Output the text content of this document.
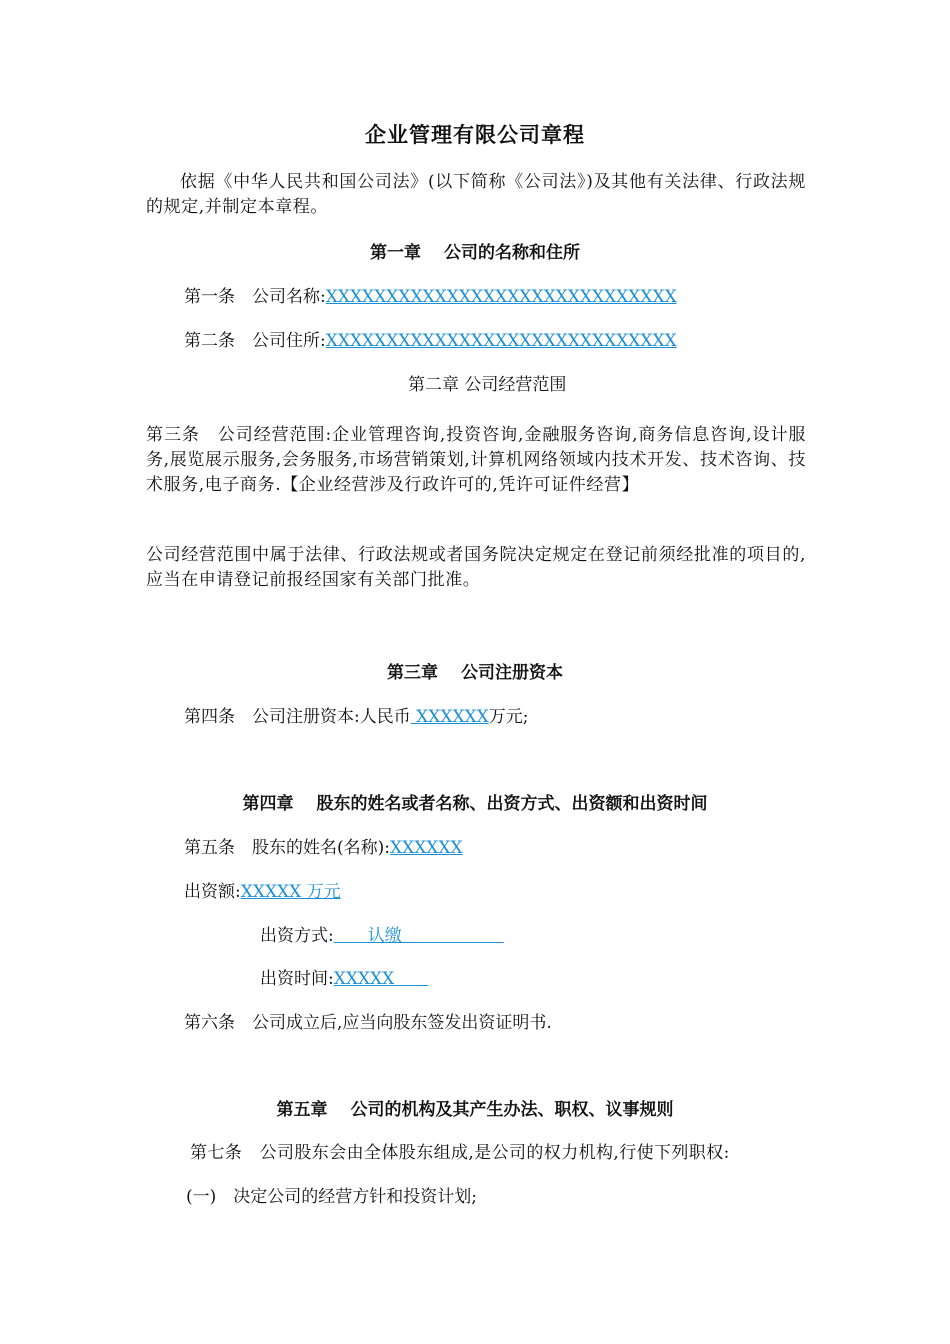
企业管理有限公司章程
依据《中华人民共和国公司法》(以下简称《公司法》)及其他有关法律、行政法规的规定,并制定本章程。
第一章　 公司的名称和住所
第一条　公司名称:XXXXXXXXXXXXXXXXXXXXXXXXXXXXX
第二条　公司住所:XXXXXXXXXXXXXXXXXXXXXXXXXXXXX
第二章 公司经营范围
第三条　公司经营范围:企业管理咨询,投资咨询,金融服务咨询,商务信息咨询,设计服务,展览展示服务,会务服务,市场营销策划,计算机网络领域内技术开发、技术咨询、技术服务,电子商务.【企业经营涉及行政许可的,凭许可证件经营】
公司经营范围中属于法律、行政法规或者国务院决定规定在登记前须经批准的项目的,应当在申请登记前报经国家有关部门批准。
第三章　 公司注册资本
第四条　公司注册资本:人民币 XXXXXX万元;
第四章　 股东的姓名或者名称、出资方式、出资额和出资时间
第五条　股东的姓名(名称):XXXXXX
出资额:XXXXX 万元
出资方式:　　认缴　　　　　　
出资时间:XXXXX　　
第六条　公司成立后,应当向股东签发出资证明书.
第五章　 公司的机构及其产生办法、职权、议事规则
第七条　公司股东会由全体股东组成,是公司的权力机构,行使下列职权:
(一)　决定公司的经营方针和投资计划;
